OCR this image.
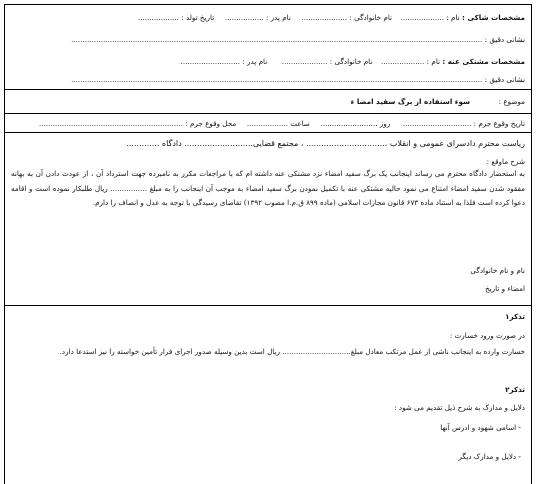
مشخصات شاکی : نام : ...................  نام خانوادگی : ....................  نام پدر : .................  تاریخ تولد : ..................
نشانی دقیق : ....................................................................................................................................................................................
مشخصات مشتکی عنه : نام : ...................  نام خانوادگی : ....................  نام پدر : ..........................
نشانی دقیق : ....................................................................................................................................................................................
موضوع :  سوء استفاده از برگ سفید امضا ء
تاریخ وقوع جرم : ..............................  روز .........................  ساعت ..................  محل وقوع جرم : ...............................................................
ریاست محترم دادسرای عمومی و انقلاب ................................ ، مجتمع قضایی........................... دادگاه .............
شرح ماوقع :
به استحضار دادگاه محترم می رساند اینجانب یک برگ سفید امضاء نزد مشتکی عنه داشته ام که با مراجعات مکرر به نامبرده جهت استرداد آن ، از عودت دادن آن به بهانه مفقود شدن سفید امضاء امتناع می نمود حالیه مشتکی عنه با تکمیل نمودن برگ سفید امضاء به موجب آن اینجانب را به مبلغ ................ ریال طلبکار نموده است و اقامه دعوا کرده است فلذا به استناد ماده ۶۷۳ قانون مجازات اسلامی (ماده ۸۹۹ ق.م.ا مصوب ۱۳۹۲) تقاضای رسیدگی با توجه به عدل و انصاف را دارم.
نام و نام خانوادگی
امضاء و تاریخ
تذکر۱
در صورت ورود خسارت :
خسارت وارده به اینجانب ناشی از عمل مرتکب معادل مبلغ.............................. ریال است بدین وسیله صدور اجرای قرار تأمین خواسته را نیز استدعا دارد.
تذکر۲
دلایل و مدارک به شرح ذیل تقدیم می شود :
- اسامی شهود و ادرس آنها
- دلایل و مدارک دیگر
